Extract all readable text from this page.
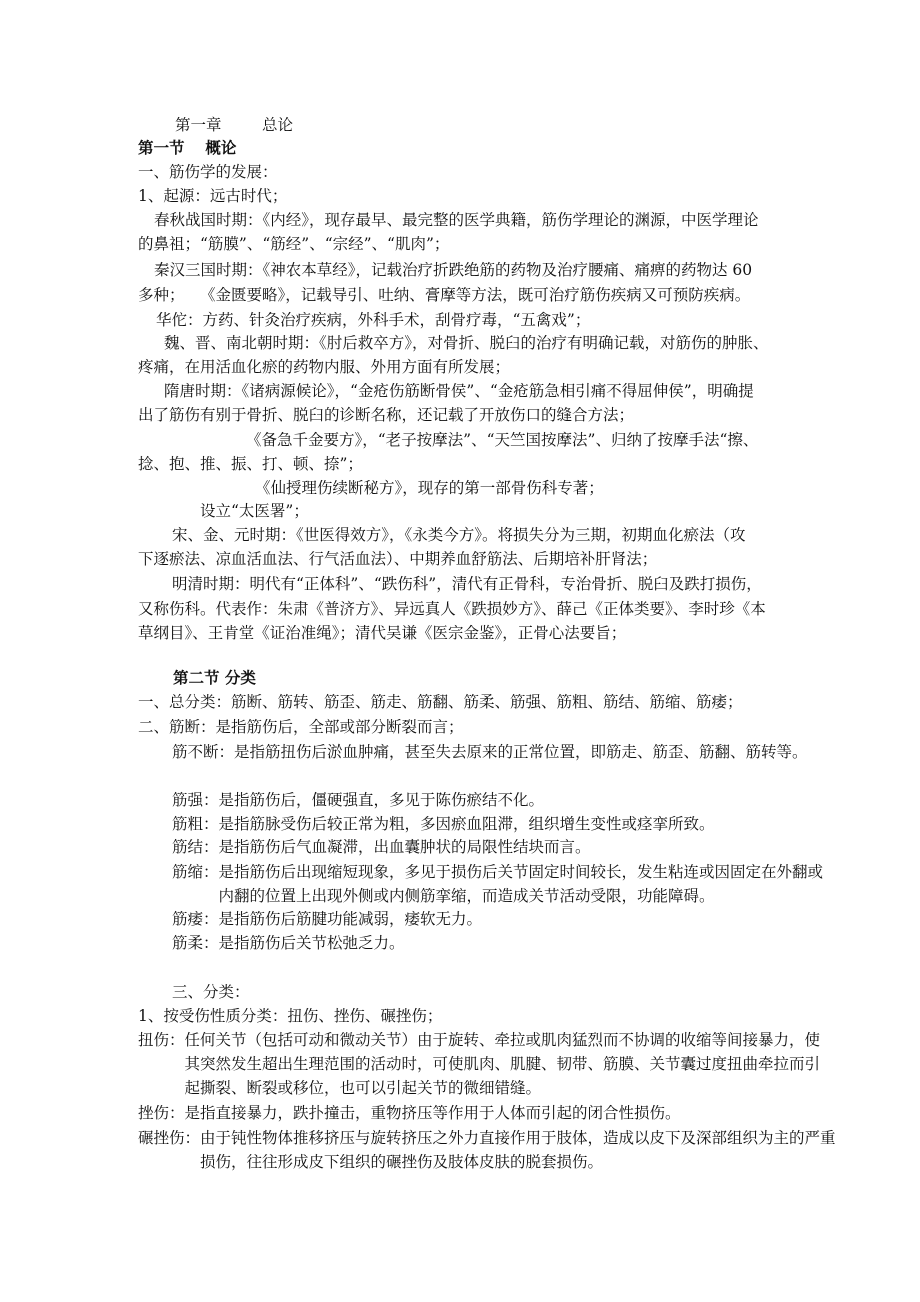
第一章	总论
第一节　 概论
一、筋伤学的发展：
1、起源：远古时代；
春秋战国时期：《内经》，现存最早、最完整的医学典籍，筋伤学理论的渊源，中医学理论
的鼻祖；“筋膜”、“筋经”、“宗经”、“肌肉”；
秦汉三国时期：《神农本草经》，记载治疗折跌绝筋的药物及治疗腰痛、痛痹的药物达 60
多种；　　《金匮要略》，记载导引、吐纳、膏摩等方法，既可治疗筋伤疾病又可预防疾病。
华佗：方药、针灸治疗疾病，外科手术，刮骨疗毒，“五禽戏”；
魏、晋、南北朝时期：《肘后救卒方》，对骨折、脱臼的治疗有明确记载，对筋伤的肿胀、
疼痛，在用活血化瘀的药物内服、外用方面有所发展；
隋唐时期：《诸病源候论》，“金疮伤筋断骨侯”、“金疮筋急相引痛不得屈伸侯”，明确提
出了筋伤有别于骨折、脱臼的诊断名称，还记载了开放伤口的缝合方法；
《备急千金要方》，“老子按摩法”、“天竺国按摩法”、归纳了按摩手法“擦、
捻、抱、推、振、打、顿、捺”；
《仙授理伤续断秘方》，现存的第一部骨伤科专著；
设立“太医署”；
宋、金、元时期：《世医得效方》，《永类今方》。将损失分为三期，初期血化瘀法（攻
下逐瘀法、凉血活血法、行气活血法）、中期养血舒筋法、后期培补肝肾法；
明清时期：明代有“正体科”、“跌伤科”，清代有正骨科，专治骨折、脱臼及跌打损伤，
又称伤科。代表作：朱肃《普济方》、异远真人《跌损妙方》、薛己《正体类要》、李时珍《本
草纲目》、王肯堂《证治准绳》；清代吴谦《医宗金鉴》，正骨心法要旨；
第二节 分类
一、总分类：筋断、筋转、筋歪、筋走、筋翻、筋柔、筋强、筋粗、筋结、筋缩、筋痿；
二、筋断：是指筋伤后，全部或部分断裂而言；
筋不断：是指筋扭伤后淤血肿痛，甚至失去原来的正常位置，即筋走、筋歪、筋翻、筋转等。
筋强：是指筋伤后，僵硬强直，多见于陈伤瘀结不化。
筋粗：是指筋脉受伤后较正常为粗，多因瘀血阻滞，组织增生变性或痉挛所致。
筋结：是指筋伤后气血凝滞，出血囊肿状的局限性结块而言。
筋缩：是指筋伤后出现缩短现象，多见于损伤后关节固定时间较长，发生粘连或因固定在外翻或内翻的位置上出现外侧或内侧筋挛缩，而造成关节活动受限，功能障碍。
筋痿：是指筋伤后筋腱功能减弱，痿软无力。
筋柔：是指筋伤后关节松弛乏力。
三、分类：
1、按受伤性质分类：扭伤、挫伤、碾挫伤；
扭伤：任何关节（包括可动和微动关节）由于旋转、牵拉或肌肉猛烈而不协调的收缩等间接暴力，使其突然发生超出生理范围的活动时，可使肌肉、肌腱、韧带、筋膜、关节囊过度扭曲牵拉而引起撕裂、断裂或移位，也可以引起关节的微细错缝。
挫伤：是指直接暴力，跌扑撞击，重物挤压等作用于人体而引起的闭合性损伤。
碾挫伤：由于钝性物体推移挤压与旋转挤压之外力直接作用于肢体，造成以皮下及深部组织为主的严重损伤，往往形成皮下组织的碾挫伤及肢体皮肤的脱套损伤。
